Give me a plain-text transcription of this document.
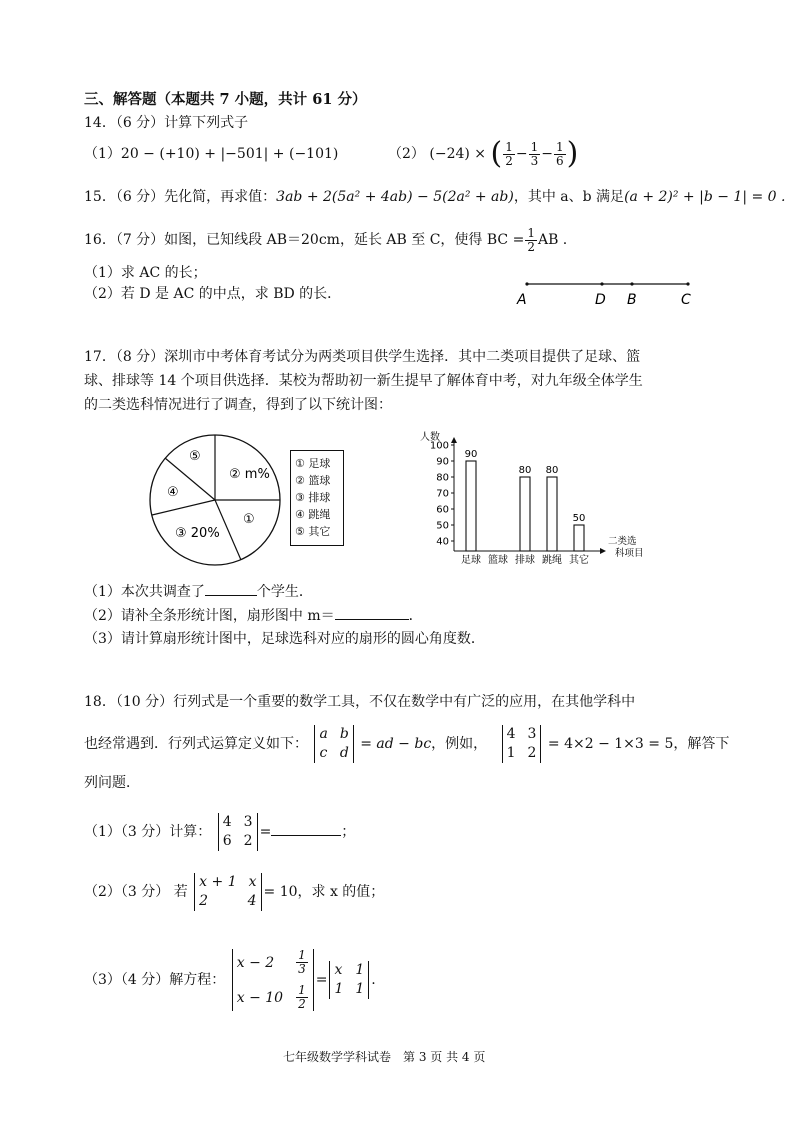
三、解答题（本题共 7 小题，共计 61 分）
14．（6 分）计算下列式子
（1）20 − (+10) + |−501| + (−101)	（2） (−24) × ( $\frac{1}{2} - \frac{1}{3} - \frac{1}{6}$ )
15．（6 分）先化简，再求值：3ab + 2(5a² + 4ab) − 5(2a² + ab)，其中 a、b 满足(a + 2)² + |b − 1| = 0 .
16．（7 分）如图，已知线段 AB＝20cm，延长 AB 至 C，使得 BC = $\frac{1}{2}$ AB .
（1）求 AC 的长；
（2）若 D 是 AC 的中点，求 BD 的长．	A	D B	C
17．（8 分）深圳市中考体育考试分为两类项目供学生选择．其中二类项目提供了足球、篮
球、排球等 14 个项目供选择．某校为帮助初一新生提早了解体育中考，对九年级全体学生
的二类选科情况进行了调查，得到了以下统计图：
⑤
② m%
④
③ 20%
①
① 足球
② 篮球
③ 排球
④ 跳绳
⑤ 其它
人数
二类选
科项目
90
足球 篮球
80
排球
80
跳绳
50
其它
40
50
60
70
80
90
100
（1）本次共调查了	个学生．
（2）请补全条形统计图，扇形图中 m＝	．
（3）请计算扇形统计图中，足球选科对应的扇形的圆心角度数．
18．（10 分）行列式是一个重要的数学工具，不仅在数学中有广泛的应用，在其他学科中
也经常遇到．行列式运算定义如下：
a b
c d
= ad − bc，例如，
4 3
1 2
= 4×2 − 1×3 = 5，解答下
列问题．
（1）（3 分）计算：
4 3
6 2
=	；
（2）（3 分） 若
x + 1 x
2	4
= 10，求 x 的值；
（3）（4 分）解方程：
$x - 2 \frac{1}{3}$
$x - 10 \frac{1}{2}$
=
x 1
1 1
.
七年级数学学科试卷　第 3 页 共 4 页
